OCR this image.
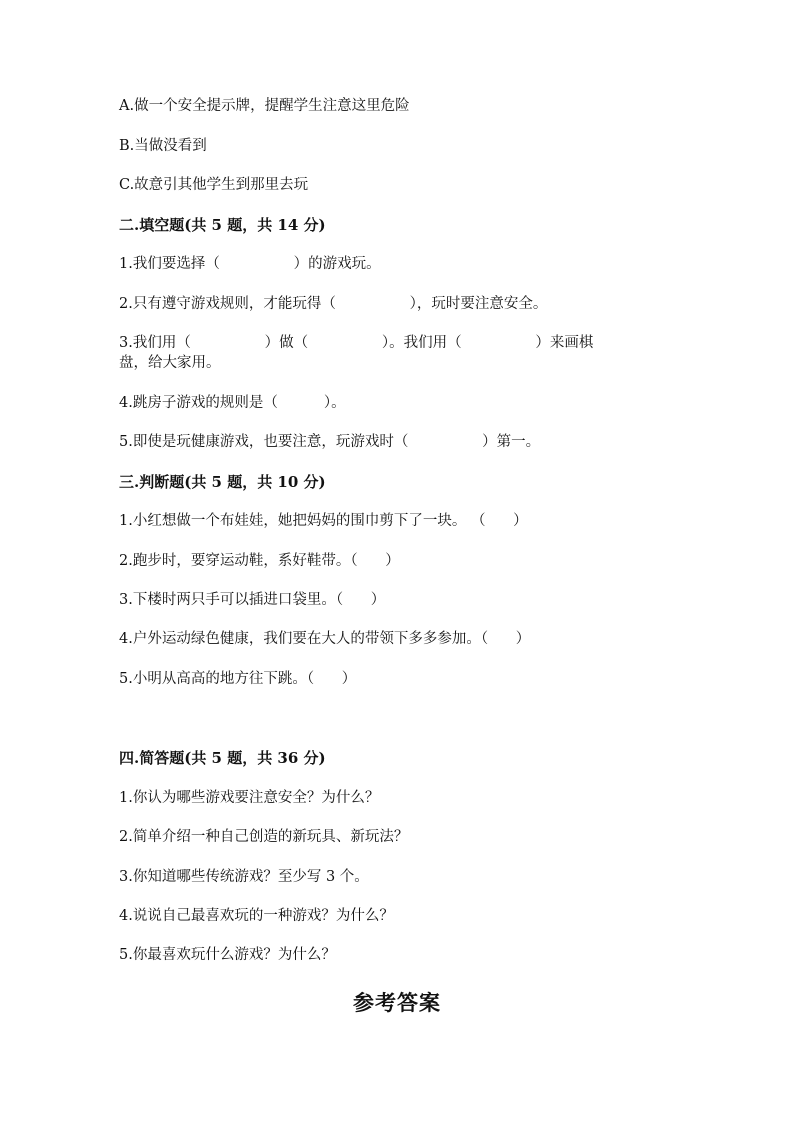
A.做一个安全提示牌，提醒学生注意这里危险
B.当做没看到
C.故意引其他学生到那里去玩
二.填空题(共 5 题，共 14 分)
1.我们要选择（                ）的游戏玩。
2.只有遵守游戏规则，才能玩得（                ），玩时要注意安全。
3.我们用（                ）做（                ）。我们用（                ）来画棋
盘，给大家用。
4.跳房子游戏的规则是（          ）。
5.即使是玩健康游戏，也要注意，玩游戏时（                ）第一。
三.判断题(共 5 题，共 10 分)
1.小红想做一个布娃娃，她把妈妈的围巾剪下了一块。 （      ）
2.跑步时，要穿运动鞋，系好鞋带。（      ）
3.下楼时两只手可以插进口袋里。（      ）
4.户外运动绿色健康，我们要在大人的带领下多多参加。（      ）
5.小明从高高的地方往下跳。（      ）
四.简答题(共 5 题，共 36 分)
1.你认为哪些游戏要注意安全？为什么？
2.简单介绍一种自己创造的新玩具、新玩法？
3.你知道哪些传统游戏？至少写 3 个。
4.说说自己最喜欢玩的一种游戏？为什么？
5.你最喜欢玩什么游戏？为什么？
参考答案
